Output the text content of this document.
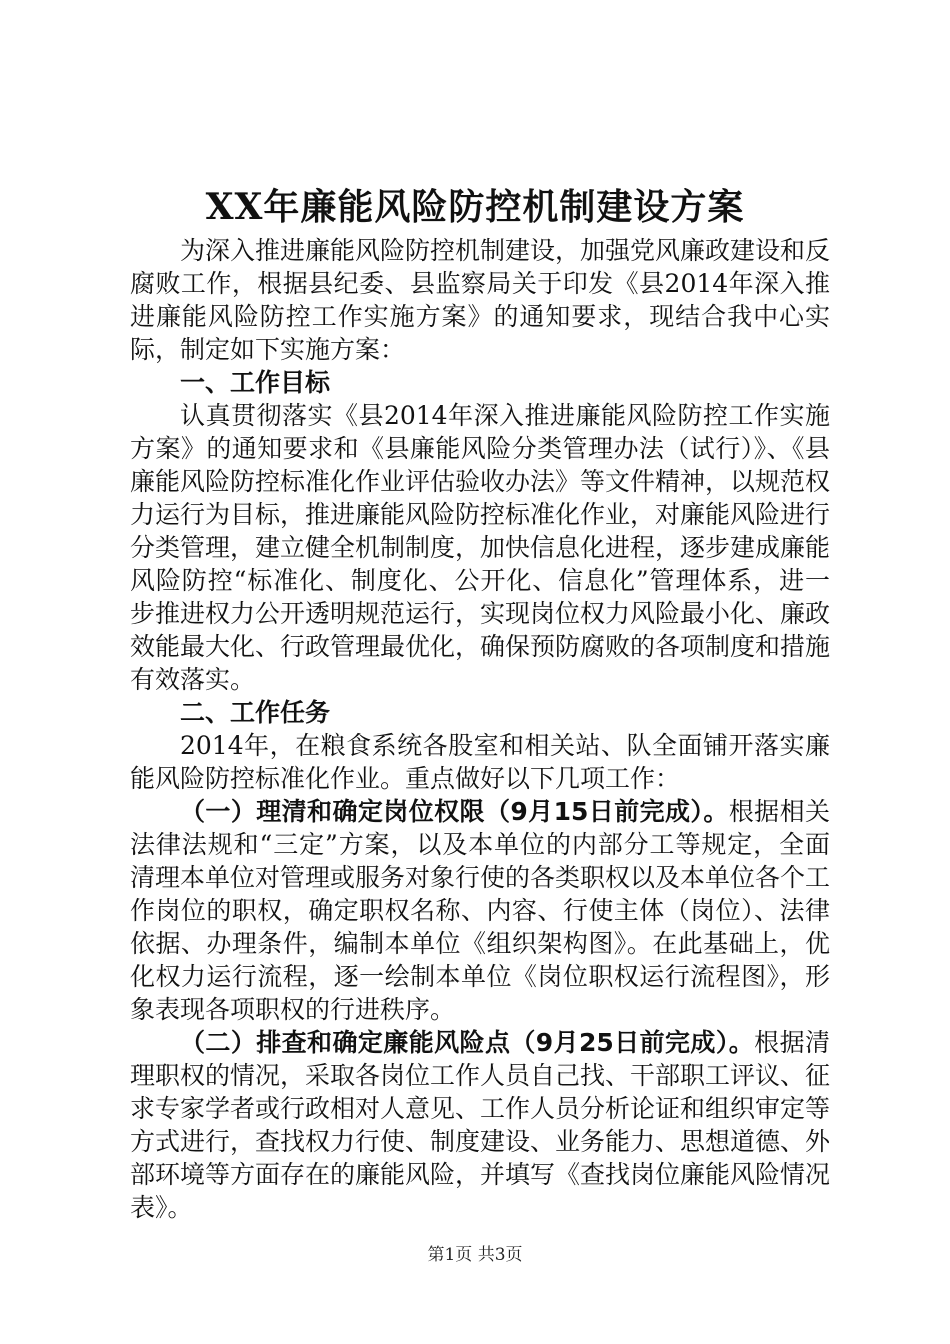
XX年廉能风险防控机制建设方案

为深入推进廉能风险防控机制建设，加强党风廉政建设和反腐败工作，根据县纪委、县监察局关于印发《县2014年深入推进廉能风险防控工作实施方案》的通知要求，现结合我中心实际，制定如下实施方案：

一、工作目标

认真贯彻落实《县2014年深入推进廉能风险防控工作实施方案》的通知要求和《县廉能风险分类管理办法（试行）》、《县廉能风险防控标准化作业评估验收办法》等文件精神，以规范权力运行为目标，推进廉能风险防控标准化作业，对廉能风险进行分类管理，建立健全机制制度，加快信息化进程，逐步建成廉能风险防控“标准化、制度化、公开化、信息化”管理体系，进一步推进权力公开透明规范运行，实现岗位权力风险最小化、廉政效能最大化、行政管理最优化，确保预防腐败的各项制度和措施有效落实。

二、工作任务

2014年，在粮食系统各股室和相关站、队全面铺开落实廉能风险防控标准化作业。重点做好以下几项工作：

（一）理清和确定岗位权限（9月15日前完成）。根据相关法律法规和“三定”方案，以及本单位的内部分工等规定，全面清理本单位对管理或服务对象行使的各类职权以及本单位各个工作岗位的职权，确定职权名称、内容、行使主体（岗位）、法律依据、办理条件，编制本单位《组织架构图》。在此基础上，优化权力运行流程，逐一绘制本单位《岗位职权运行流程图》，形象表现各项职权的行进秩序。

（二）排查和确定廉能风险点（9月25日前完成）。根据清理职权的情况，采取各岗位工作人员自己找、干部职工评议、征求专家学者或行政相对人意见、工作人员分析论证和组织审定等方式进行，查找权力行使、制度建设、业务能力、思想道德、外部环境等方面存在的廉能风险，并填写《查找岗位廉能风险情况表》。

第1页 共3页
